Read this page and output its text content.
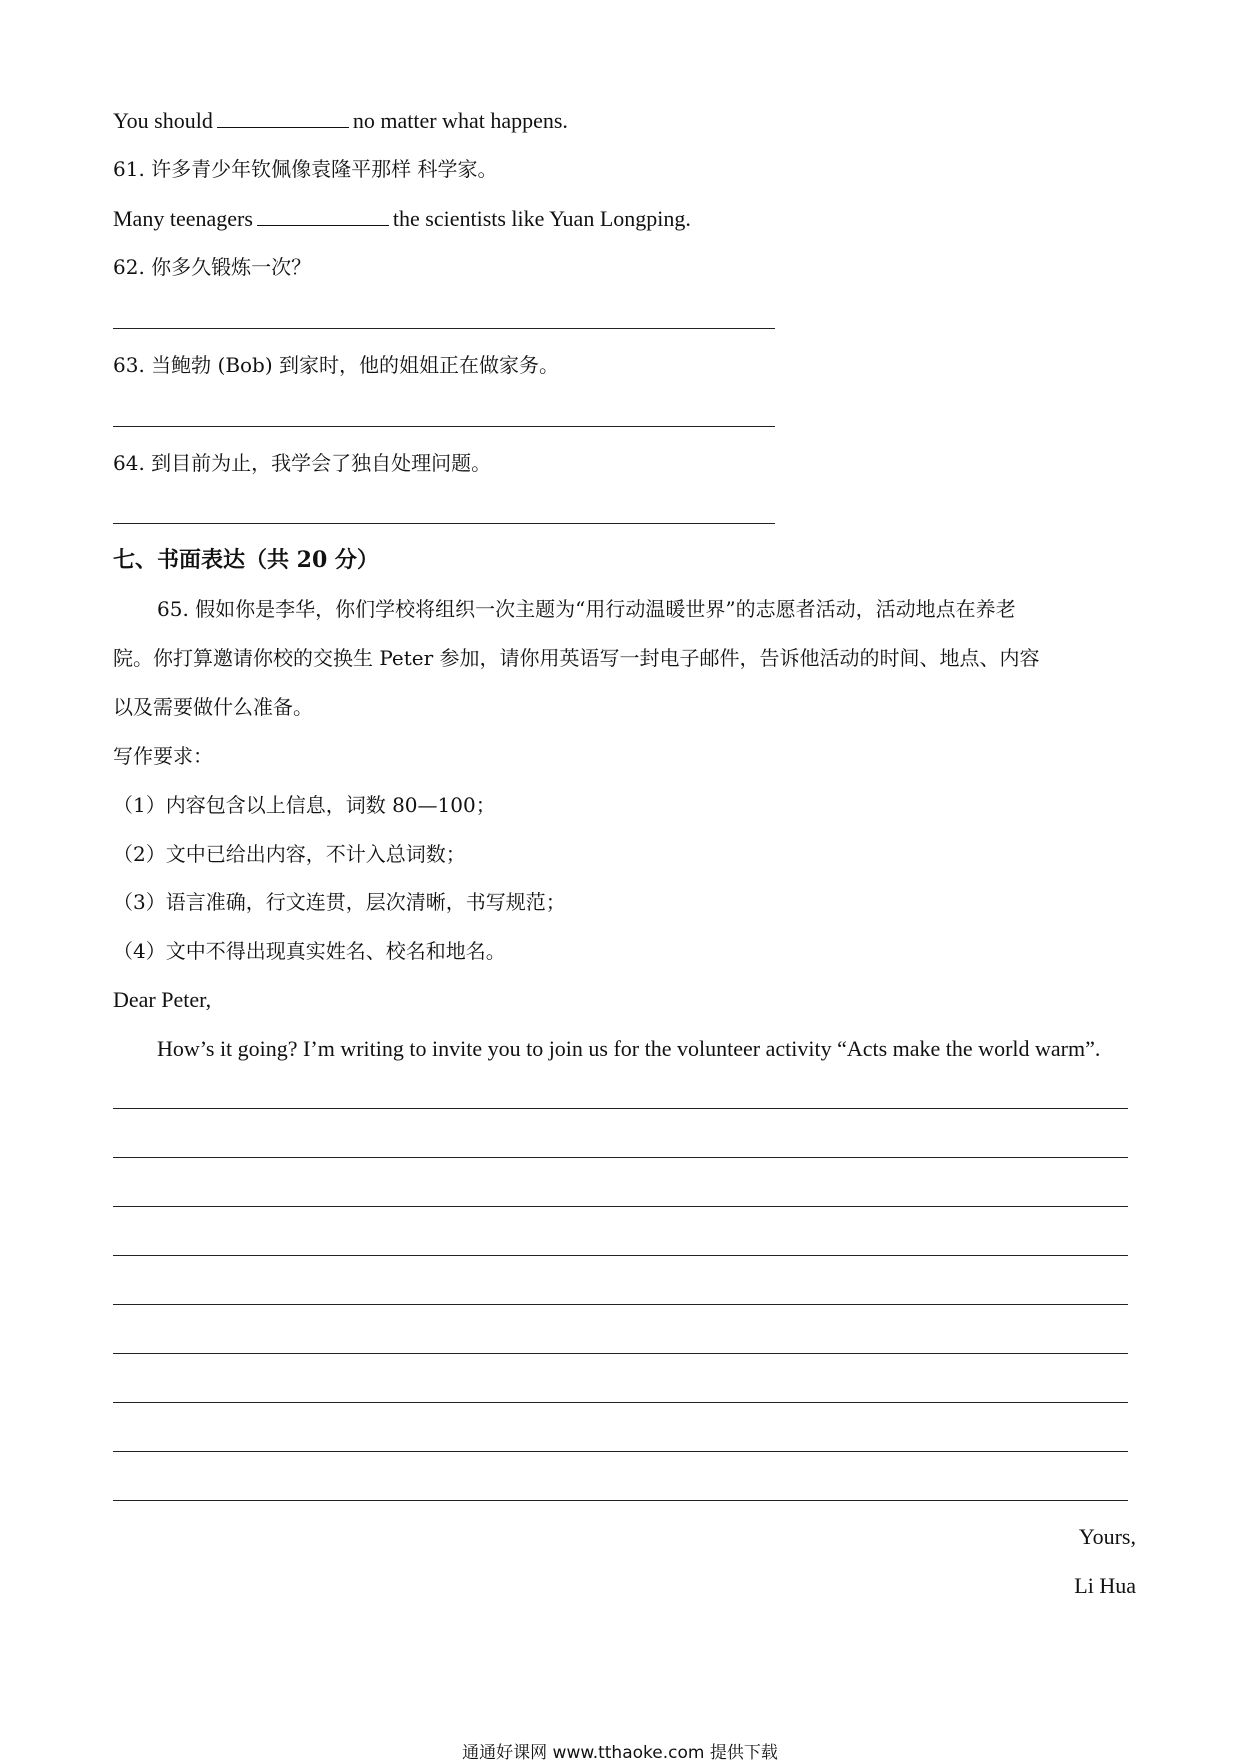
You should	no matter what happens.
61. 许多青少年钦佩像袁隆平那样 科学家。
Many teenagers	the scientists like Yuan Longping.
62. 你多久锻炼一次？
63. 当鲍勃 (Bob) 到家时，他的姐姐正在做家务。
64. 到目前为止，我学会了独自处理问题。
七、书面表达（共 20 分）
65. 假如你是李华，你们学校将组织一次主题为“用行动温暖世界”的志愿者活动，活动地点在养老
院。你打算邀请你校的交换生 Peter 参加，请你用英语写一封电子邮件，告诉他活动的时间、地点、内容
以及需要做什么准备。
写作要求：
（1）内容包含以上信息，词数 80—100；
（2）文中已给出内容，不计入总词数；
（3）语言准确，行文连贯，层次清晰，书写规范；
（4）文中不得出现真实姓名、校名和地名。
Dear Peter,
How’s it going? I’m writing to invite you to join us for the volunteer activity “Acts make the world warm”.
Yours,
Li Hua
通通好课网 www.tthaoke.com 提供下载
